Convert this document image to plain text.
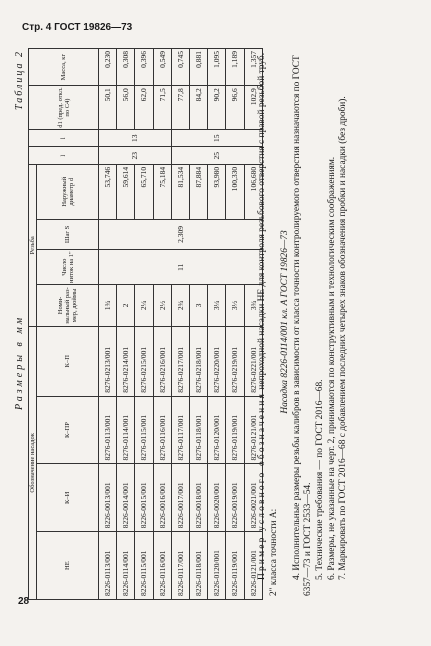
Стр. 4 ГОСТ 19826—73
28
Размеры в мм
Таблица 2
Обозначение насадок				Резьба				l	l	d1 (пред. откл. по C4)	Масса, кг
НЕ	К–И	К–ПР	К–П	Номи-нальный раз-мер, дюймы	Число ниток на 1"	Шаг S	Наружный диаметр d				
8226-0113/001	8226-0013/001	8276-0113/001	8276-0213/001	1¾	11	2,309	53,746	23	13	50,1	0,230
8226-0114/001	8226-0014/001	8276-0114/001	8276-0214/001	2			59,614			56,0	0,308
8226-0115/001	8226-0015/001	8276-0115/001	8276-0215/001	2¼			65,710			62,0	0,396
8226-0116/001	8226-0016/001	8276-0116/001	8276-0216/001	2½			75,184			71,5	0,549
8226-0117/001	8226-0017/001	8276-0117/001	8276-0217/001	2¾			81,534	25	15	77,8	0,745
8226-0118/001	8226-0018/001	8276-0118/001	8276-0218/001	3			87,884			84,2	0,881
8226-0120/001	8226-0020/001	8276-0120/001	8276-0220/001	3¼			93,980			90,2	1,095
8226-0119/001	8226-0019/001	8276-0119/001	8276-0219/001	3½			100,330			96,6	1,189
8226-0121/001	8226-0021/001	8276-0121/001	8276-0221/001	3¾			106,680			102,9	1,357

Пример условного обозначения непроходной насадки НЕ для контроля резьбового отверстия с правой резьбой труб. 2" класса точности А:

Насадка 8226-0114/001 кл. А ГОСТ 19826—73 4. Исполнительные размеры резьбы калибров в зависимости от класса точности контролируемого отверстия назначаются по ГОСТ 6357—73 и ГОСТ 2533—54. 5. Технические требования — по ГОСТ 2016—68. 6. Размеры, не указанные на черт. 2, принимаются по конструктивным и технологическим соображениям. 7. Маркировать по ГОСТ 2016—68 с добавлением последних четырех знаков обозначения пробки и насадки (без дроби).
